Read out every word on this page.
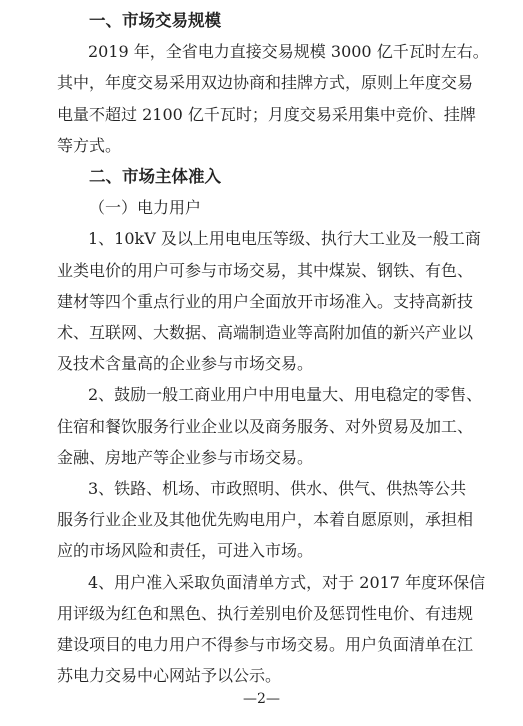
一、市场交易规模
2019 年，全省电力直接交易规模 3000 亿千瓦时左右。
其中，年度交易采用双边协商和挂牌方式，原则上年度交易
电量不超过 2100 亿千瓦时；月度交易采用集中竞价、挂牌
等方式。
二、市场主体准入
（一）电力用户
1、10kV 及以上用电电压等级、执行大工业及一般工商
业类电价的用户可参与市场交易，其中煤炭、钢铁、有色、
建材等四个重点行业的用户全面放开市场准入。支持高新技
术、互联网、大数据、高端制造业等高附加值的新兴产业以
及技术含量高的企业参与市场交易。
2、鼓励一般工商业用户中用电量大、用电稳定的零售、
住宿和餐饮服务行业企业以及商务服务、对外贸易及加工、
金融、房地产等企业参与市场交易。
3、铁路、机场、市政照明、供水、供气、供热等公共
服务行业企业及其他优先购电用户，本着自愿原则，承担相
应的市场风险和责任，可进入市场。
4、用户准入采取负面清单方式，对于 2017 年度环保信
用评级为红色和黑色、执行差别电价及惩罚性电价、有违规
建设项目的电力用户不得参与市场交易。用户负面清单在江
苏电力交易中心网站予以公示。
—2—
